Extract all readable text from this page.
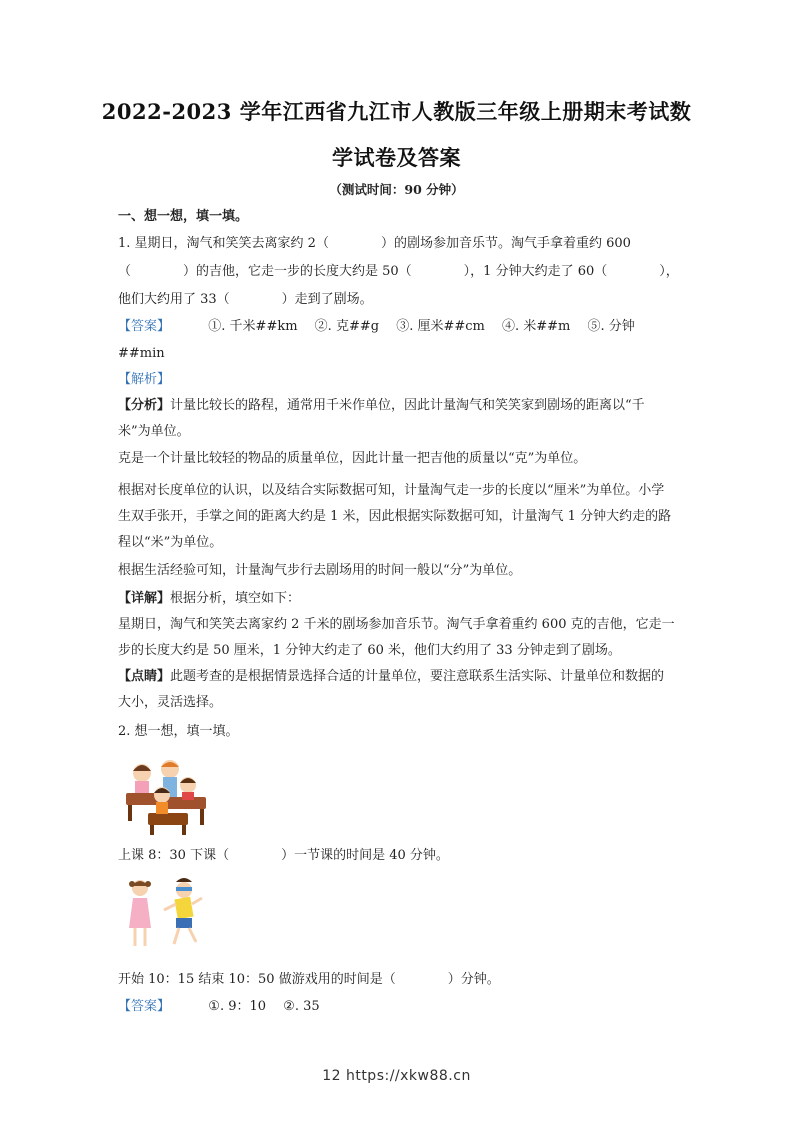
2022-2023 学年江西省九江市人教版三年级上册期末考试数
学试卷及答案
（测试时间：90 分钟）
一、想一想，填一填。
1. 星期日，淘气和笑笑去离家约 2（　　　　）的剧场参加音乐节。淘气手拿着重约 600
（　　　　）的吉他，它走一步的长度大约是 50（　　　　），1 分钟大约走了 60（　　　　），
他们大约用了 33（　　　　）走到了剧场。
【答案】	①. 千米##km　 ②. 克##g　 ③. 厘米##cm　 ④. 米##m　 ⑤. 分钟
##min
【解析】
【分析】计量比较长的路程，通常用千米作单位，因此计量淘气和笑笑家到剧场的距离以“千米”为单位。
克是一个计量比较轻的物品的质量单位，因此计量一把吉他的质量以“克”为单位。
根据对长度单位的认识，以及结合实际数据可知，计量淘气走一步的长度以“厘米”为单位。小学生双手张开，手掌之间的距离大约是 1 米，因此根据实际数据可知，计量淘气 1 分钟大约走的路程以“米”为单位。
根据生活经验可知，计量淘气步行去剧场用的时间一般以“分”为单位。
【详解】根据分析，填空如下：
星期日，淘气和笑笑去离家约 2 千米的剧场参加音乐节。淘气手拿着重约 600 克的吉他，它走一步的长度大约是 50 厘米，1 分钟大约走了 60 米，他们大约用了 33 分钟走到了剧场。
【点睛】此题考查的是根据情景选择合适的计量单位，要注意联系生活实际、计量单位和数据的大小，灵活选择。
2. 想一想，填一填。
上课 8：30 下课（　　　　）一节课的时间是 40 分钟。
开始 10：15 结束 10：50 做游戏用的时间是（　　　　）分钟。
【答案】	①. 9：10　 ②. 35
12 https://xkw88.cn
